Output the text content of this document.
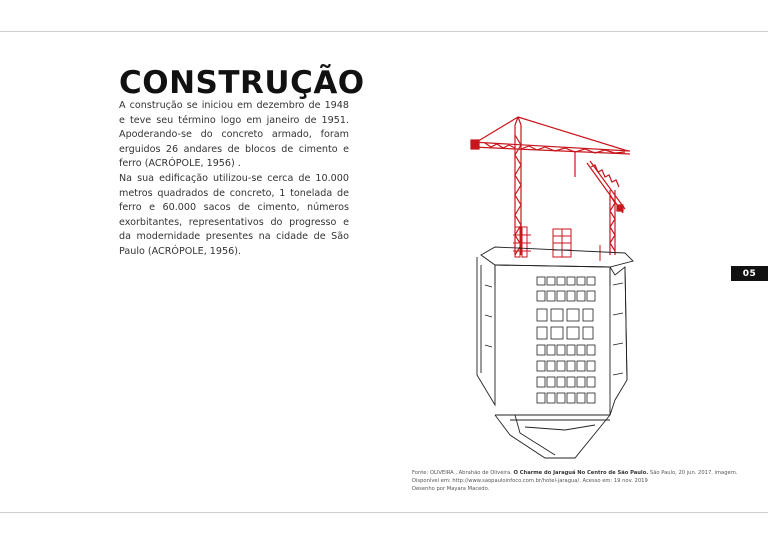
CONSTRUÇÃO

A construção se iniciou em dezembro de 1948 e teve seu término logo em janeiro de 1951. Apoderando-se do concreto armado, foram erguidos 26 andares de blocos de cimento e ferro (ACRÓPOLE, 1956) .

Na sua edificação utilizou-se cerca de 10.000 metros quadrados de concreto, 1 tonelada de ferro e 60.000 sacos de cimento, números exorbitantes, representativos do progresso e da modernidade presentes na cidade de São Paulo (ACRÓPOLE, 1956).

05
Fonte: OLIVEIRA , Abrahão de Oliveira. O Charme do Jaraguá No Centro de São Paulo. São Paulo, 20 jun. 2017. imagem.
Disponível em: http://www.saopauloinfoco.com.br/hotel-jaragua/. Acesso em: 19 nov. 2019
Desenho por Mayara Macedo.
